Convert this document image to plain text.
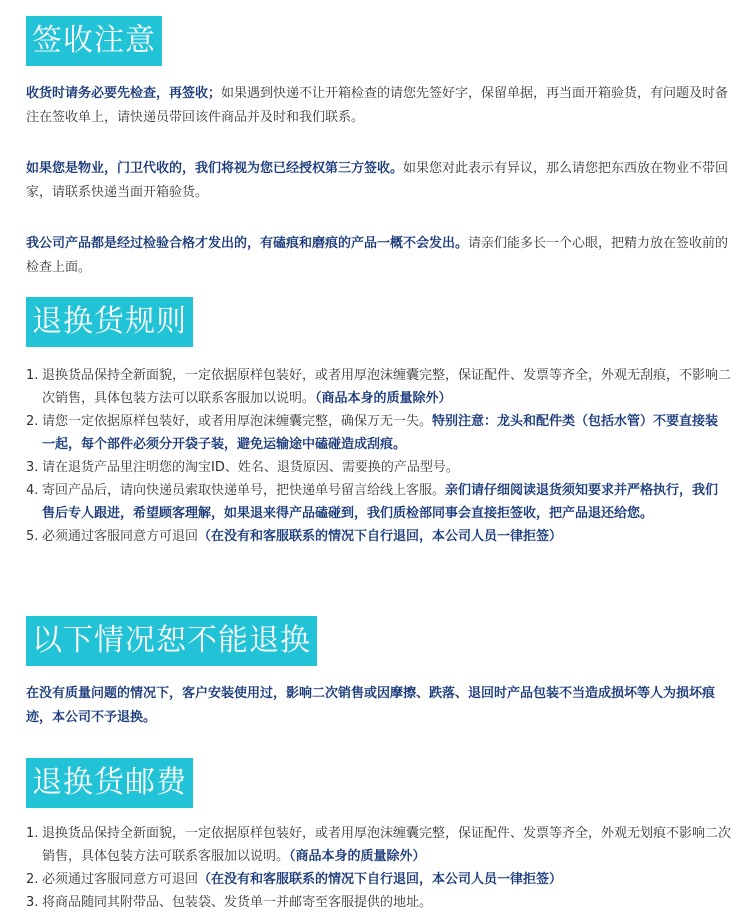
签收注意
收货时请务必要先检查，再签收；如果遇到快递不让开箱检查的请您先签好字，保留单据，再当面开箱验货，有问题及时备注在签收单上，请快递员带回该件商品并及时和我们联系。
如果您是物业，门卫代收的，我们将视为您已经授权第三方签收。如果您对此表示有异议，那么请您把东西放在物业不带回家，请联系快递当面开箱验货。
我公司产品都是经过检验合格才发出的，有磕痕和磨痕的产品一概不会发出。请亲们能多长一个心眼，把精力放在签收前的检查上面。
退换货规则
1. 退换货品保持全新面貌，一定依据原样包装好，或者用厚泡沫缠囊完整，保证配件、发票等齐全，外观无刮痕，不影响二次销售，具体包装方法可以联系客服加以说明。（商品本身的质量除外）
2. 请您一定依据原样包装好，或者用厚泡沫缠囊完整，确保万无一失。特别注意：龙头和配件类（包括水管）不要直接装一起，每个部件必须分开袋子装，避免运输途中磕碰造成刮痕。
3. 请在退货产品里注明您的淘宝ID、姓名、退货原因、需要换的产品型号。
4. 寄回产品后，请向快递员索取快递单号，把快递单号留言给线上客服。亲们请仔细阅读退货须知要求并严格执行，我们售后专人跟进，希望顾客理解，如果退来得产品磕碰到，我们质检部同事会直接拒签收，把产品退还给您。
5. 必须通过客服同意方可退回（在没有和客服联系的情况下自行退回，本公司人员一律拒签）
以下情况恕不能退换
在没有质量问题的情况下，客户安装使用过，影响二次销售或因摩擦、跌落、退回时产品包装不当造成损坏等人为损坏痕迹，本公司不予退换。
退换货邮费
1. 退换货品保持全新面貌，一定依据原样包装好，或者用厚泡沫缠囊完整，保证配件、发票等齐全，外观无划痕不影响二次销售，具体包装方法可联系客服加以说明。（商品本身的质量除外）
2. 必须通过客服同意方可退回（在没有和客服联系的情况下自行退回，本公司人员一律拒签）
3. 将商品随同其附带品、包装袋、发货单一并邮寄至客服提供的地址。
